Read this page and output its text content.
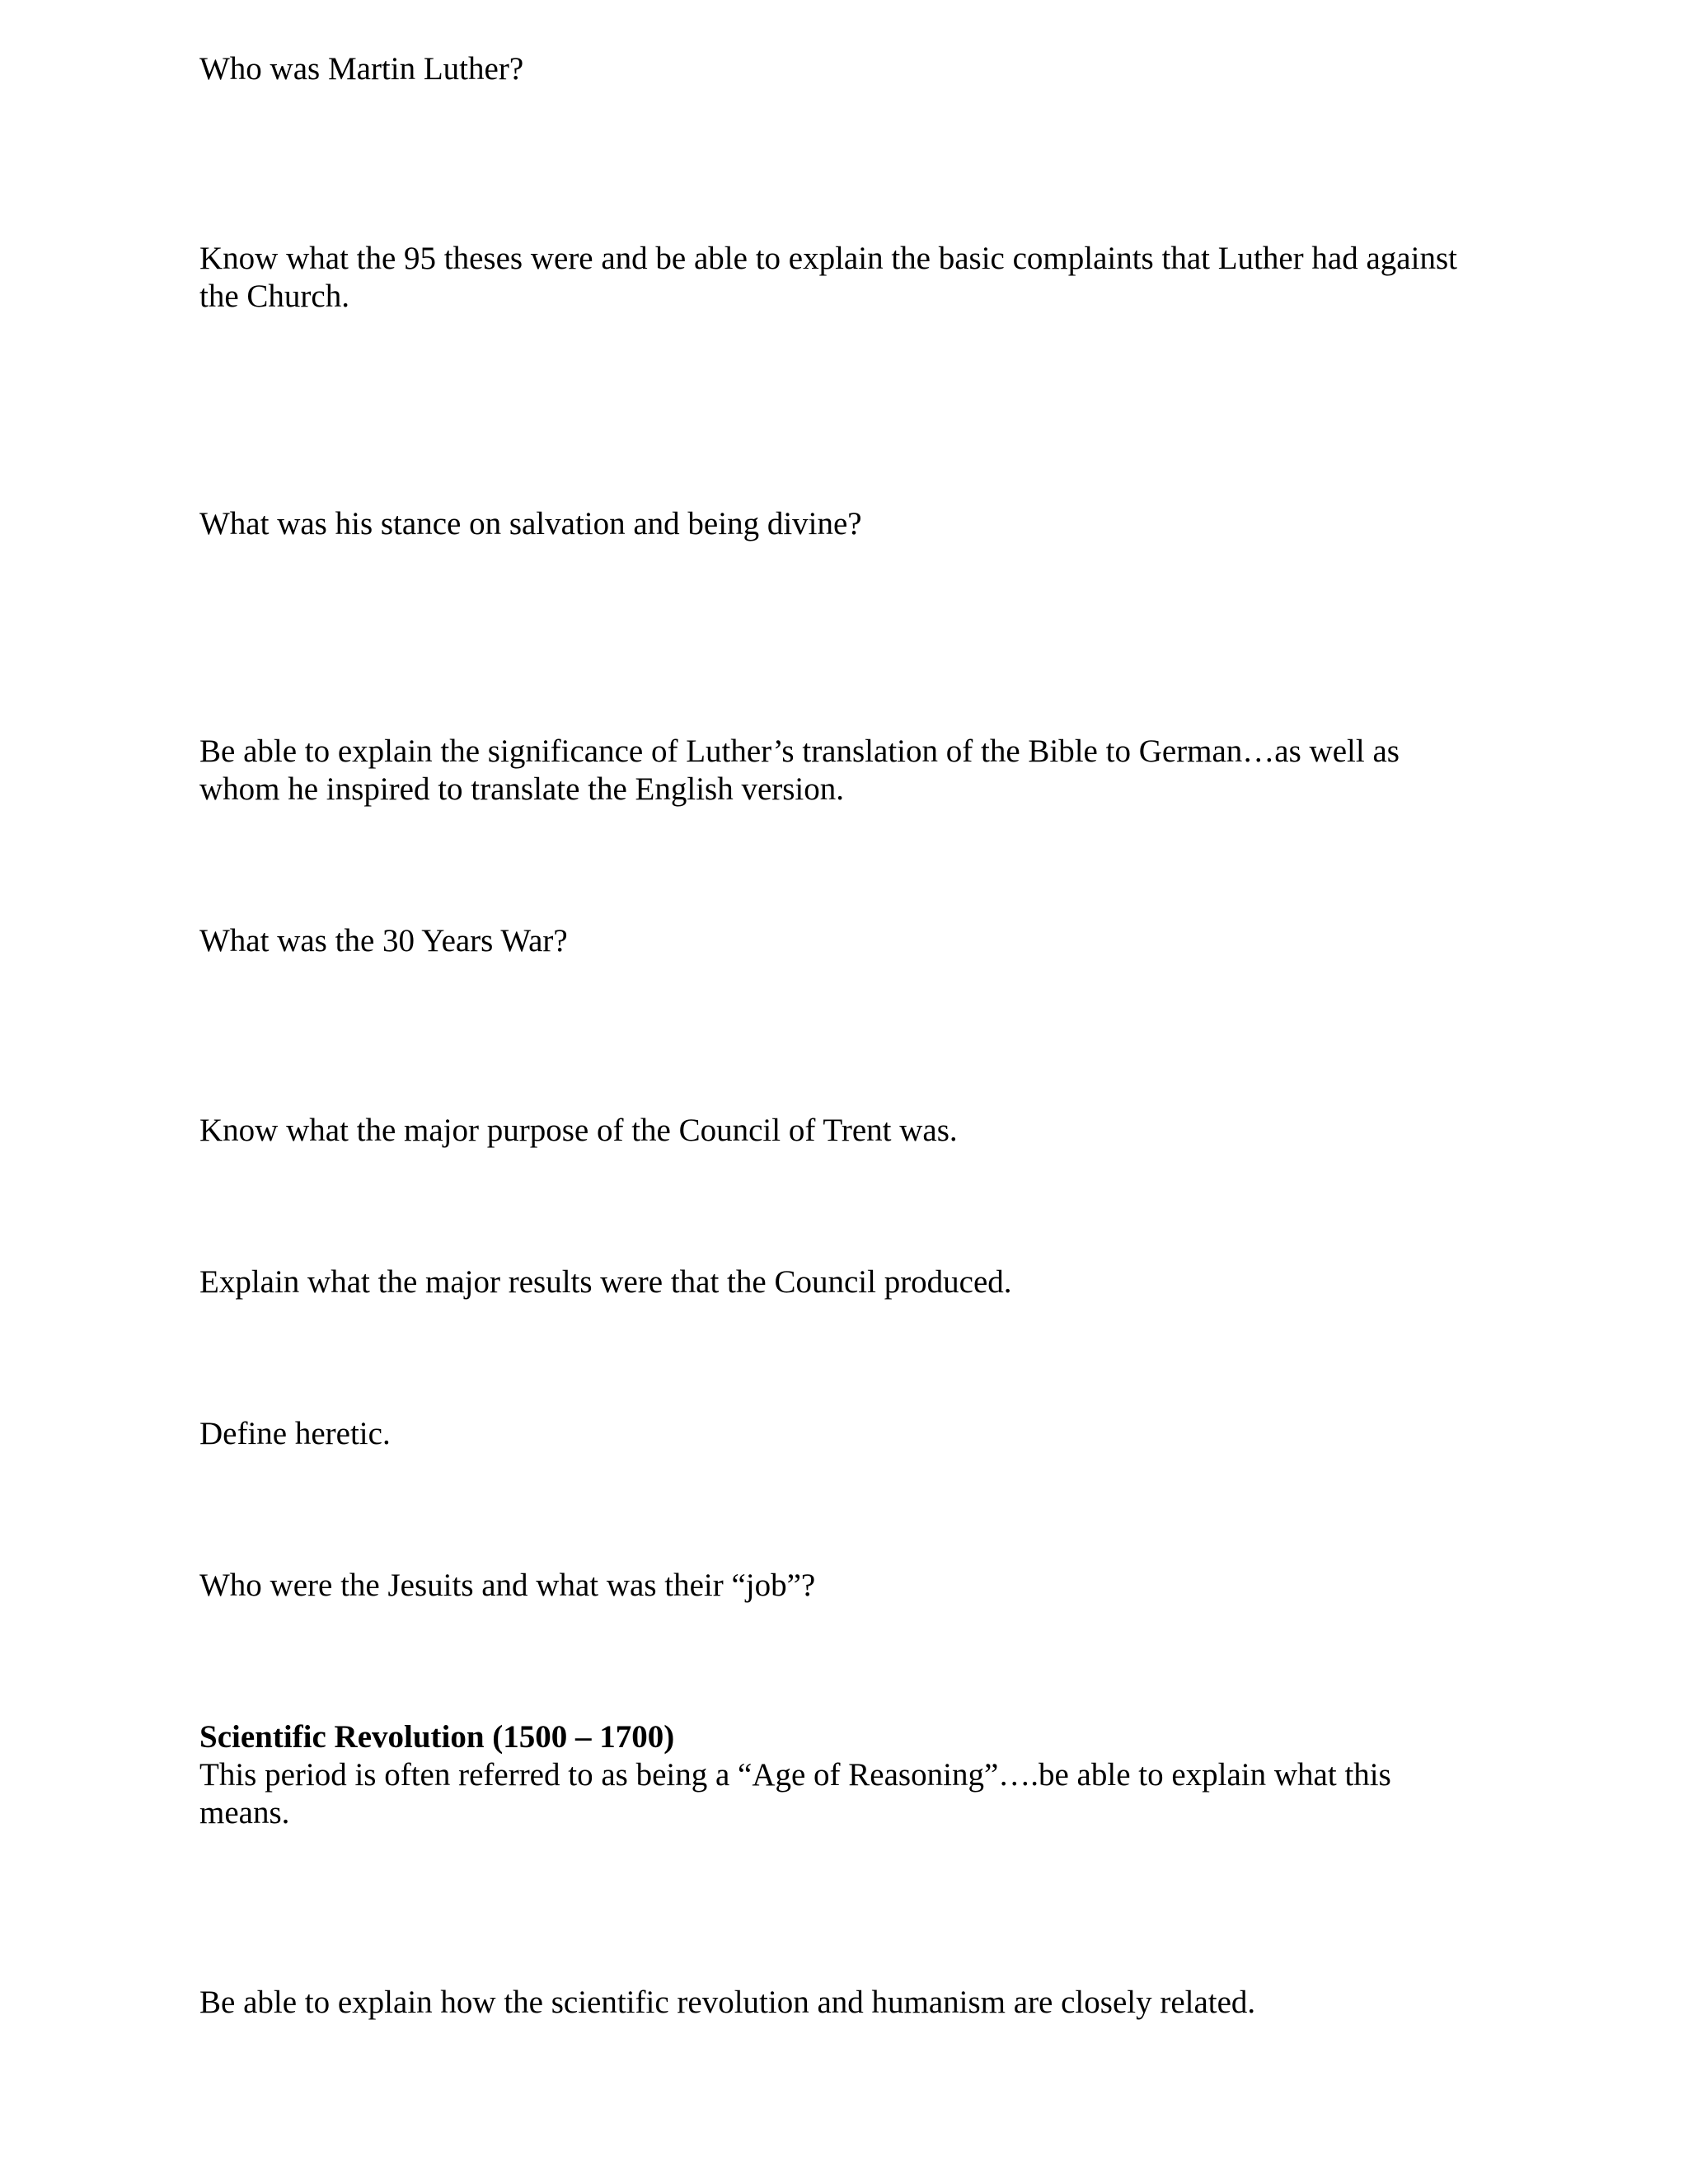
Who was Martin Luther?

Know what the 95 theses were and be able to explain the basic complaints that Luther had against the Church.

What was his stance on salvation and being divine?

Be able to explain the significance of Luther’s translation of the Bible to German…as well as whom he inspired to translate the English version.

What was the 30 Years War?

Know what the major purpose of the Council of Trent was.

Explain what the major results were that the Council produced.

Define heretic.

Who were the Jesuits and what was their “job”?

Scientific Revolution (1500 – 1700)
This period is often referred to as being a “Age of Reasoning”….be able to explain what this means.

Be able to explain how the scientific revolution and humanism are closely related.
